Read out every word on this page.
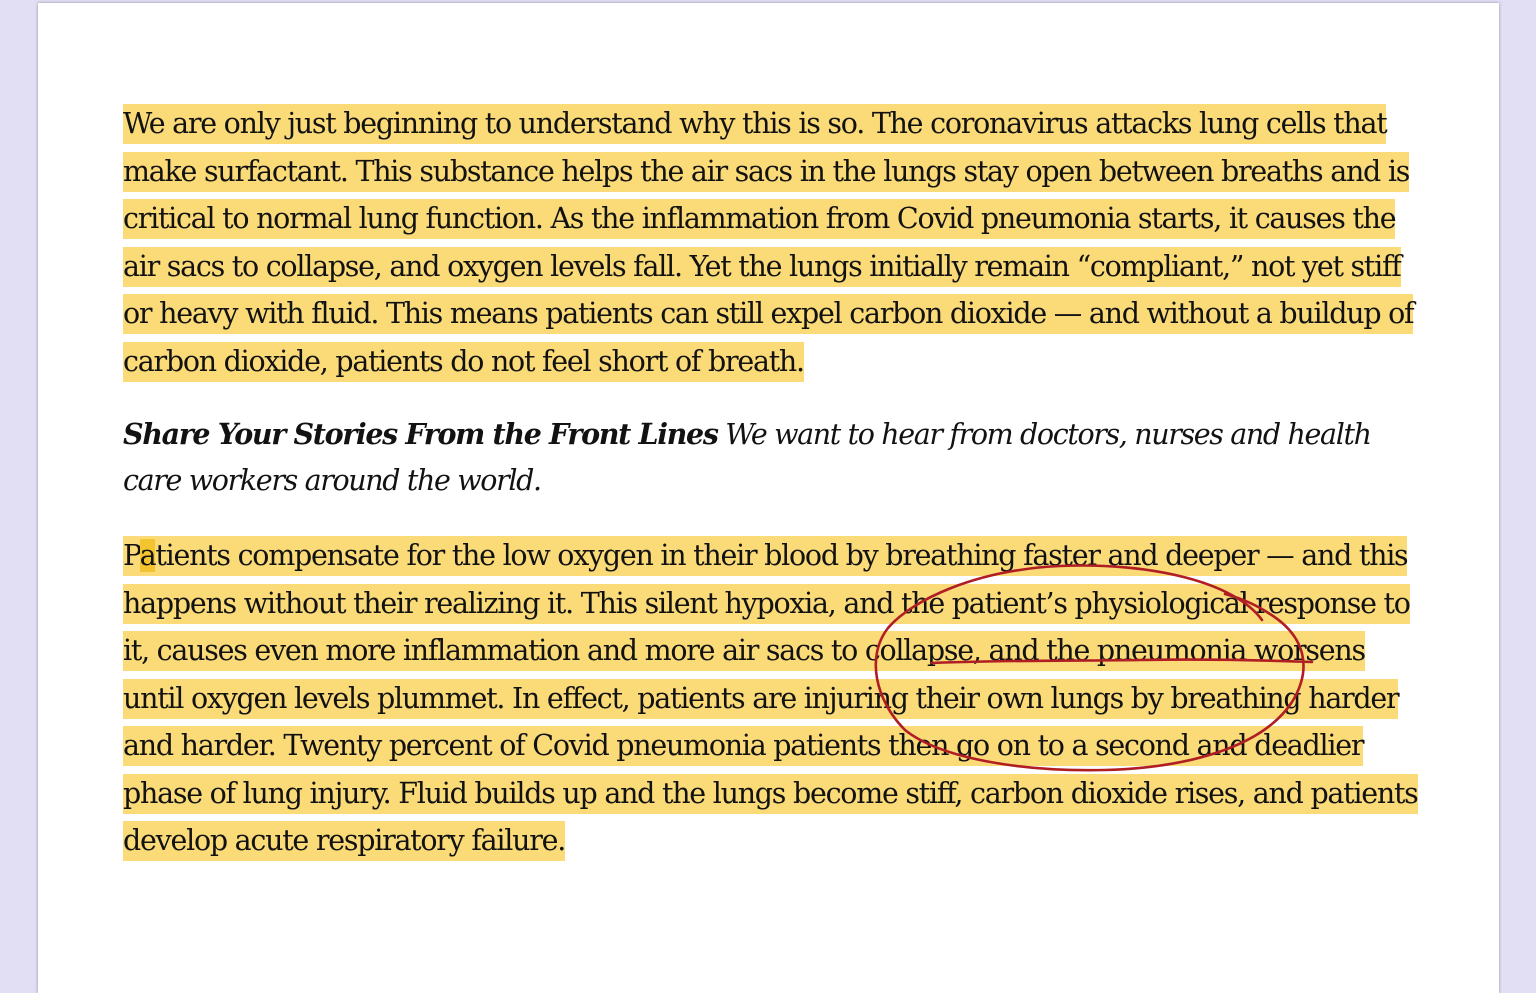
We are only just beginning to understand why this is so. The coronavirus attacks lung cells that make surfactant. This substance helps the air sacs in the lungs stay open between breaths and is critical to normal lung function. As the inflammation from Covid pneumonia starts, it causes the air sacs to collapse, and oxygen levels fall. Yet the lungs initially remain “compliant,” not yet stiff or heavy with fluid. This means patients can still expel carbon dioxide — and without a buildup of carbon dioxide, patients do not feel short of breath.

Share Your Stories From the Front Lines We want to hear from doctors, nurses and health care workers around the world.

Patients compensate for the low oxygen in their blood by breathing faster and deeper — and this happens without their realizing it. This silent hypoxia, and the patient’s physiological response to it, causes even more inflammation and more air sacs to collapse, and the pneumonia worsens until oxygen levels plummet. In effect, patients are injuring their own lungs by breathing harder and harder. Twenty percent of Covid pneumonia patients then go on to a second and deadlier phase of lung injury. Fluid builds up and the lungs become stiff, carbon dioxide rises, and patients develop acute respiratory failure.
